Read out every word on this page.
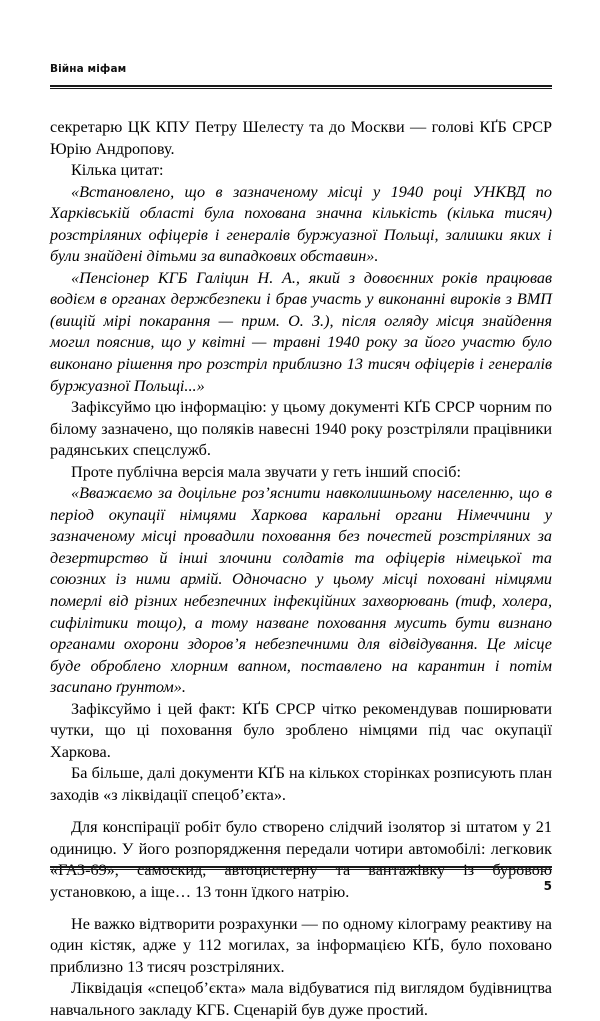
Війна міфам

секретарю ЦК КПУ Петру Шелесту та до Москви — голові КҐБ СРСР Юрію Андропову.

Кілька цитат:

«Встановлено, що в зазначеному місці у 1940 році УНКВД по Харківській області була похована значна кількість (кілька тисяч) розстріляних офіцерів і генералів буржуазної Польщі, залишки яких і були знайдені дітьми за випадкових обставин».

«Пенсіонер КГБ Галіцин Н. А., який з довоєнних років працював водієм в органах держбезпеки і брав участь у виконанні вироків з ВМП (вищій мірі покарання — прим. О. З.), після огляду місця знайдення могил пояснив, що у квітні — травні 1940 року за його участю було виконано рішення про розстріл приблизно 13 тисяч офіцерів і генералів буржуазної Польщі...»

Зафіксуймо цю інформацію: у цьому документі КҐБ СРСР чорним по білому зазначено, що поляків навесні 1940 року розстріляли працівники радянських спецслужб.

Проте публічна версія мала звучати у геть інший спосіб:

«Вважаємо за доцільне роз’яснити навколишньому населенню, що в період окупації німцями Харкова каральні органи Німеччини у зазначеному місці провадили поховання без почестей розстріляних за дезертирство й інші злочини солдатів та офіцерів німецької та союзних із ними армій. Одночасно у цьому місці поховані німцями померлі від різних небезпечних інфекційних захворювань (тиф, холера, сифілітики тощо), а тому назване поховання мусить бути визнано органами охорони здоров’я небезпечними для відвідування. Це місце буде оброблено хлорним вапном, поставлено на карантин і потім засипано ґрунтом».

Зафіксуймо і цей факт: КҐБ СРСР чітко рекомендував поширювати чутки, що ці поховання було зроблено німцями під час окупації Харкова.

Ба більше, далі документи КҐБ на кількох сторінках розписують план заходів «з ліквідації спецоб’єкта».

Для конспірації робіт було створено слідчий ізолятор зі штатом у 21 одиницю. У його розпорядження передали чотири автомобілі: легковик «ГАЗ-69», самоскид, автоцистерну та вантажівку із буровою установкою, а іще… 13 тонн їдкого натрію.

Не важко відтворити розрахунки — по одному кілограму реактиву на один кістяк, адже у 112 могилах, за інформацією КҐБ, було поховано приблизно 13 тисяч розстріляних.

Ліквідація «спецоб’єкта» мала відбуватися під виглядом будівництва навчального закладу КГБ. Сценарій був дуже простий.

5
